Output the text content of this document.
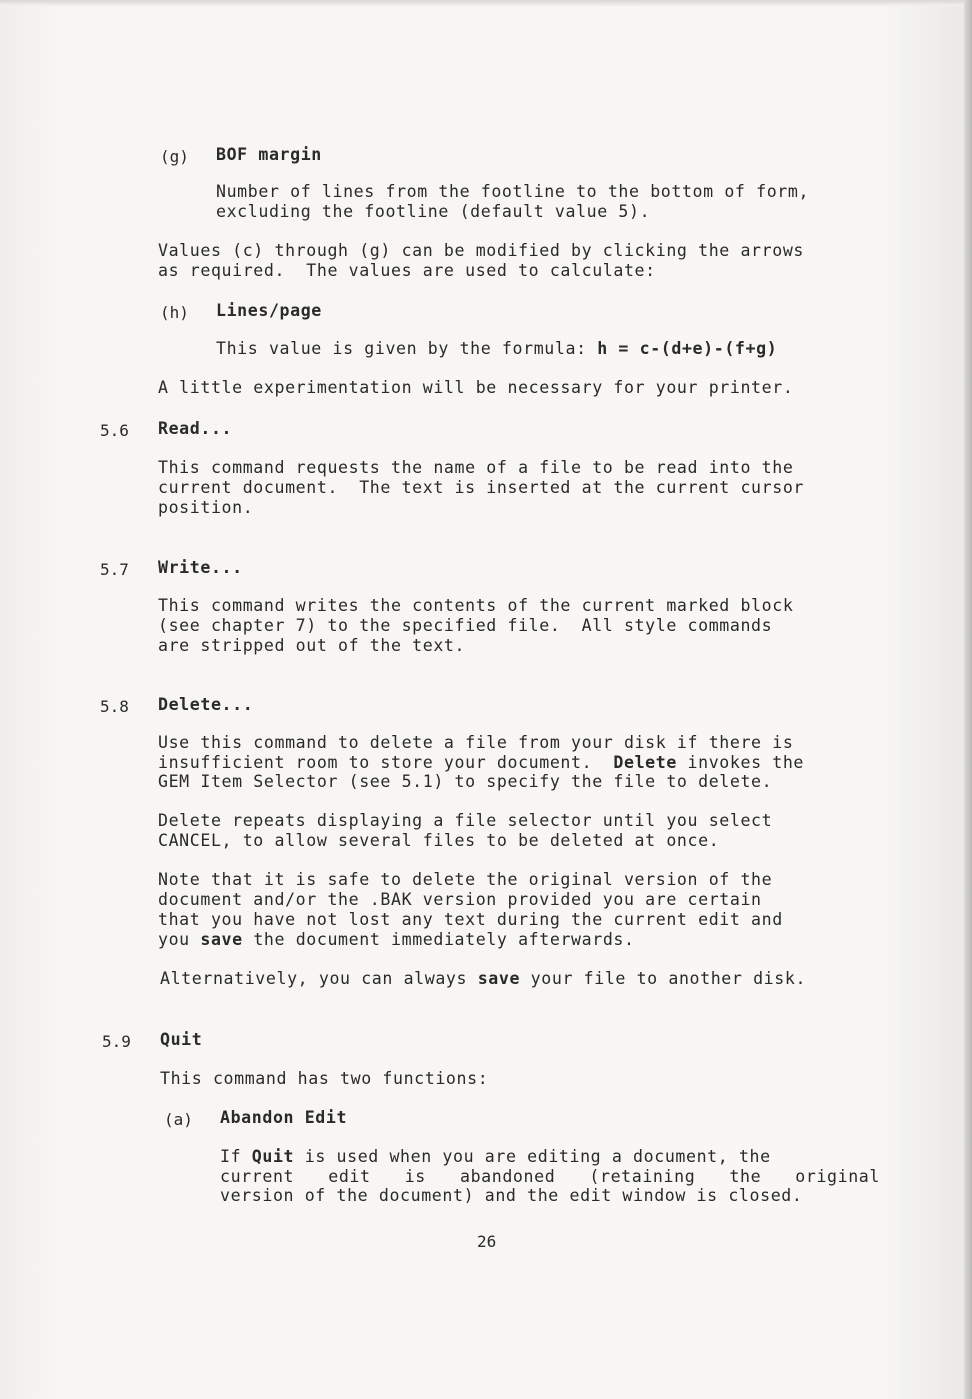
(g) BOF margin
Number of lines from the footline to the bottom of form,
excluding the footline (default value 5).
Values (c) through (g) can be modified by clicking the arrows
as required.  The values are used to calculate:
(h) Lines/page
This value is given by the formula: h = c-(d+e)-(f+g)
A little experimentation will be necessary for your printer.
5.6 Read...
This command requests the name of a file to be read into the
current document.  The text is inserted at the current cursor
position.
5.7 Write...
This command writes the contents of the current marked block
(see chapter 7) to the specified file.  All style commands
are stripped out of the text.
5.8 Delete...
Use this command to delete a file from your disk if there is
insufficient room to store your document.  Delete invokes the
GEM Item Selector (see 5.1) to specify the file to delete.
Delete repeats displaying a file selector until you select
CANCEL, to allow several files to be deleted at once.
Note that it is safe to delete the original version of the
document and/or the .BAK version provided you are certain
that you have not lost any text during the current edit and
you save the document immediately afterwards.
Alternatively, you can always save your file to another disk.
5.9 Quit
This command has two functions:
(a) Abandon Edit
If Quit is used when you are editing a document, the
current edit is abandoned (retaining the original
version of the document) and the edit window is closed.
26
